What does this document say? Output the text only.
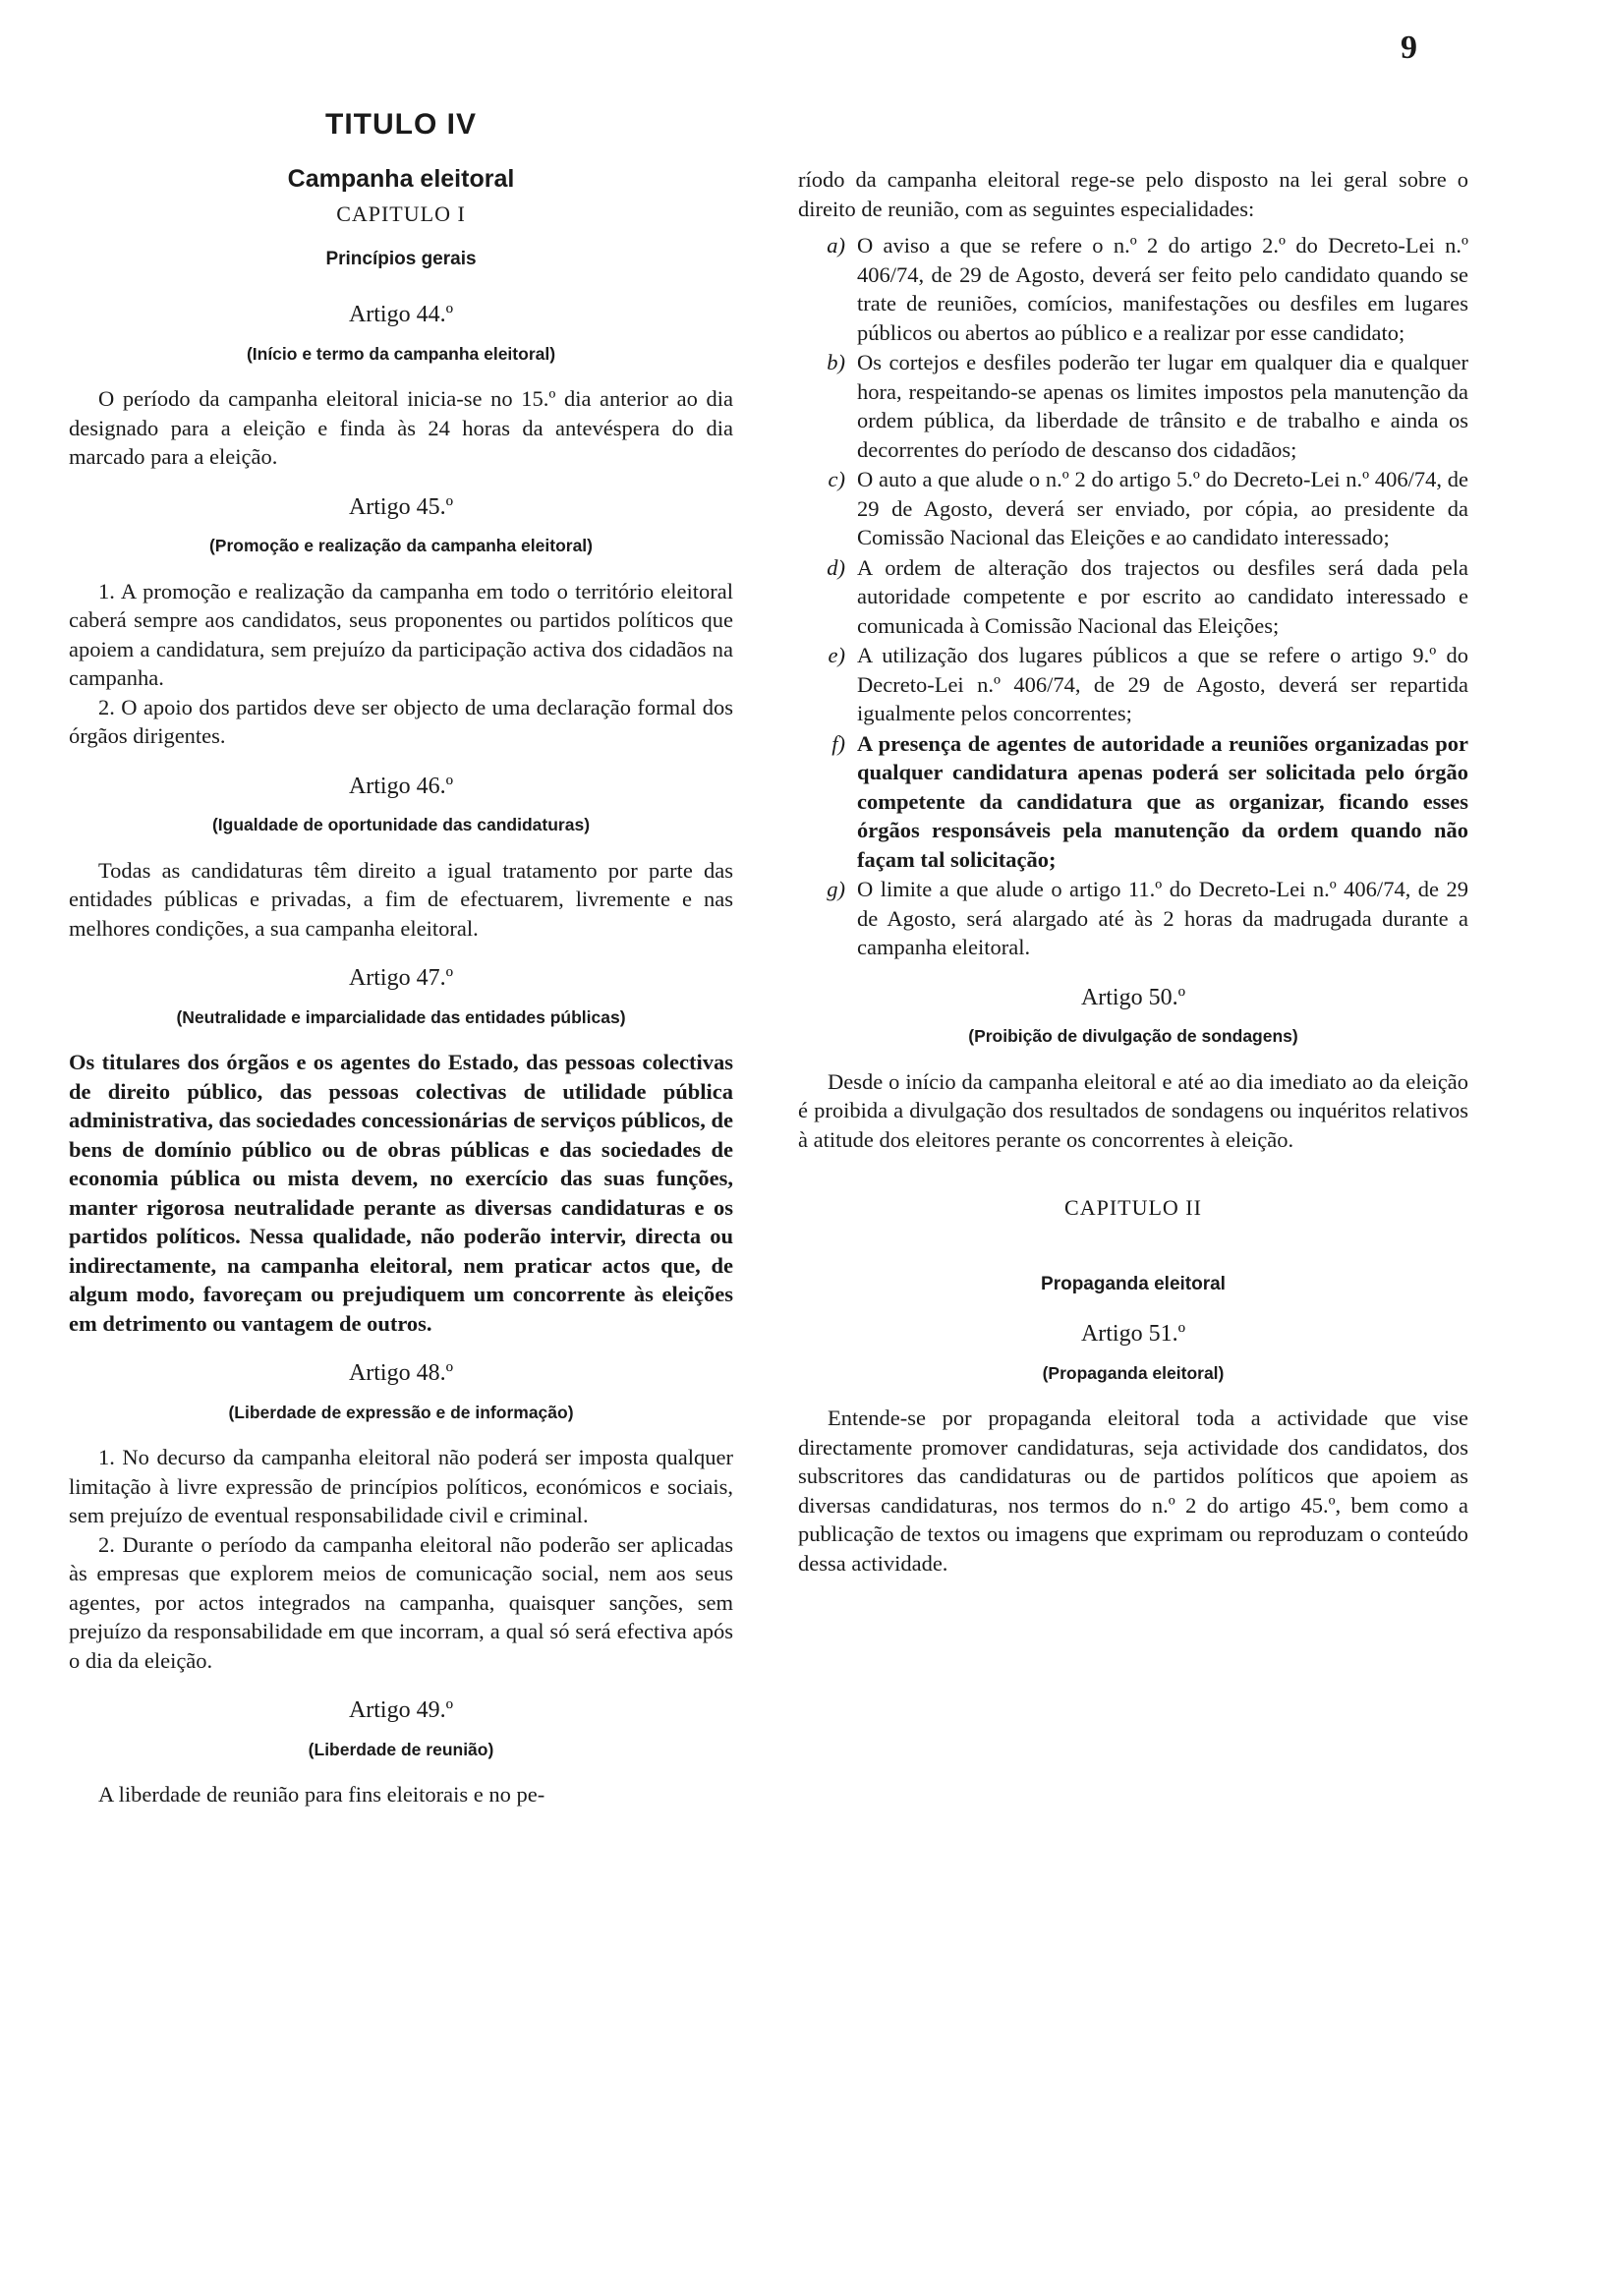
9
TITULO IV
Campanha eleitoral
CAPITULO I
Princípios gerais
Artigo 44.º
(Início e termo da campanha eleitoral)

O período da campanha eleitoral inicia-se no 15.º dia anterior ao dia designado para a eleição e finda às 24 horas da antevéspera do dia marcado para a eleição.

Artigo 45.º
(Promoção e realização da campanha eleitoral)

1. A promoção e realização da campanha em todo o território eleitoral caberá sempre aos candidatos, seus proponentes ou partidos políticos que apoiem a candidatura, sem prejuízo da participação activa dos cidadãos na campanha.

2. O apoio dos partidos deve ser objecto de uma declaração formal dos órgãos dirigentes.

Artigo 46.º
(Igualdade de oportunidade das candidaturas)

Todas as candidaturas têm direito a igual tratamento por parte das entidades públicas e privadas, a fim de efectuarem, livremente e nas melhores condições, a sua campanha eleitoral.

Artigo 47.º
(Neutralidade e imparcialidade das entidades públicas)

Os titulares dos órgãos e os agentes do Estado, das pessoas colectivas de direito público, das pessoas colectivas de utilidade pública administrativa, das sociedades concessionárias de serviços públicos, de bens de domínio público ou de obras públicas e das sociedades de economia pública ou mista devem, no exercício das suas funções, manter rigorosa neutralidade perante as diversas candidaturas e os partidos políticos. Nessa qualidade, não poderão intervir, directa ou indirectamente, na campanha eleitoral, nem praticar actos que, de algum modo, favoreçam ou prejudiquem um concorrente às eleições em detrimento ou vantagem de outros.

Artigo 48.º
(Liberdade de expressão e de informação)

1. No decurso da campanha eleitoral não poderá ser imposta qualquer limitação à livre expressão de princípios políticos, económicos e sociais, sem prejuízo de eventual responsabilidade civil e criminal.

2. Durante o período da campanha eleitoral não poderão ser aplicadas às empresas que explorem meios de comunicação social, nem aos seus agentes, por actos integrados na campanha, quaisquer sanções, sem prejuízo da responsabilidade em que incorram, a qual só será efectiva após o dia da eleição.

Artigo 49.º
(Liberdade de reunião)

A liberdade de reunião para fins eleitorais e no pe-

ríodo da campanha eleitoral rege-se pelo disposto na lei geral sobre o direito de reunião, com as seguintes especialidades:

a) O aviso a que se refere o n.º 2 do artigo 2.º do Decreto-Lei n.º 406/74, de 29 de Agosto, deverá ser feito pelo candidato quando se trate de reuniões, comícios, manifestações ou desfiles em lugares públicos ou abertos ao público e a realizar por esse candidato;
b) Os cortejos e desfiles poderão ter lugar em qualquer dia e qualquer hora, respeitando-se apenas os limites impostos pela manutenção da ordem pública, da liberdade de trânsito e de trabalho e ainda os decorrentes do período de descanso dos cidadãos;
c) O auto a que alude o n.º 2 do artigo 5.º do Decreto-Lei n.º 406/74, de 29 de Agosto, deverá ser enviado, por cópia, ao presidente da Comissão Nacional das Eleições e ao candidato interessado;
d) A ordem de alteração dos trajectos ou desfiles será dada pela autoridade competente e por escrito ao candidato interessado e comunicada à Comissão Nacional das Eleições;
e) A utilização dos lugares públicos a que se refere o artigo 9.º do Decreto-Lei n.º 406/74, de 29 de Agosto, deverá ser repartida igualmente pelos concorrentes;
f) A presença de agentes de autoridade a reuniões organizadas por qualquer candidatura apenas poderá ser solicitada pelo órgão competente da candidatura que as organizar, ficando esses órgãos responsáveis pela manutenção da ordem quando não façam tal solicitação;
g) O limite a que alude o artigo 11.º do Decreto-Lei n.º 406/74, de 29 de Agosto, será alargado até às 2 horas da madrugada durante a campanha eleitoral.
Artigo 50.º
(Proibição de divulgação de sondagens)

Desde o início da campanha eleitoral e até ao dia imediato ao da eleição é proibida a divulgação dos resultados de sondagens ou inquéritos relativos à atitude dos eleitores perante os concorrentes à eleição.

CAPITULO II
Propaganda eleitoral
Artigo 51.º
(Propaganda eleitoral)

Entende-se por propaganda eleitoral toda a actividade que vise directamente promover candidaturas, seja actividade dos candidatos, dos subscritores das candidaturas ou de partidos políticos que apoiem as diversas candidaturas, nos termos do n.º 2 do artigo 45.º, bem como a publicação de textos ou imagens que exprimam ou reproduzam o conteúdo dessa actividade.
